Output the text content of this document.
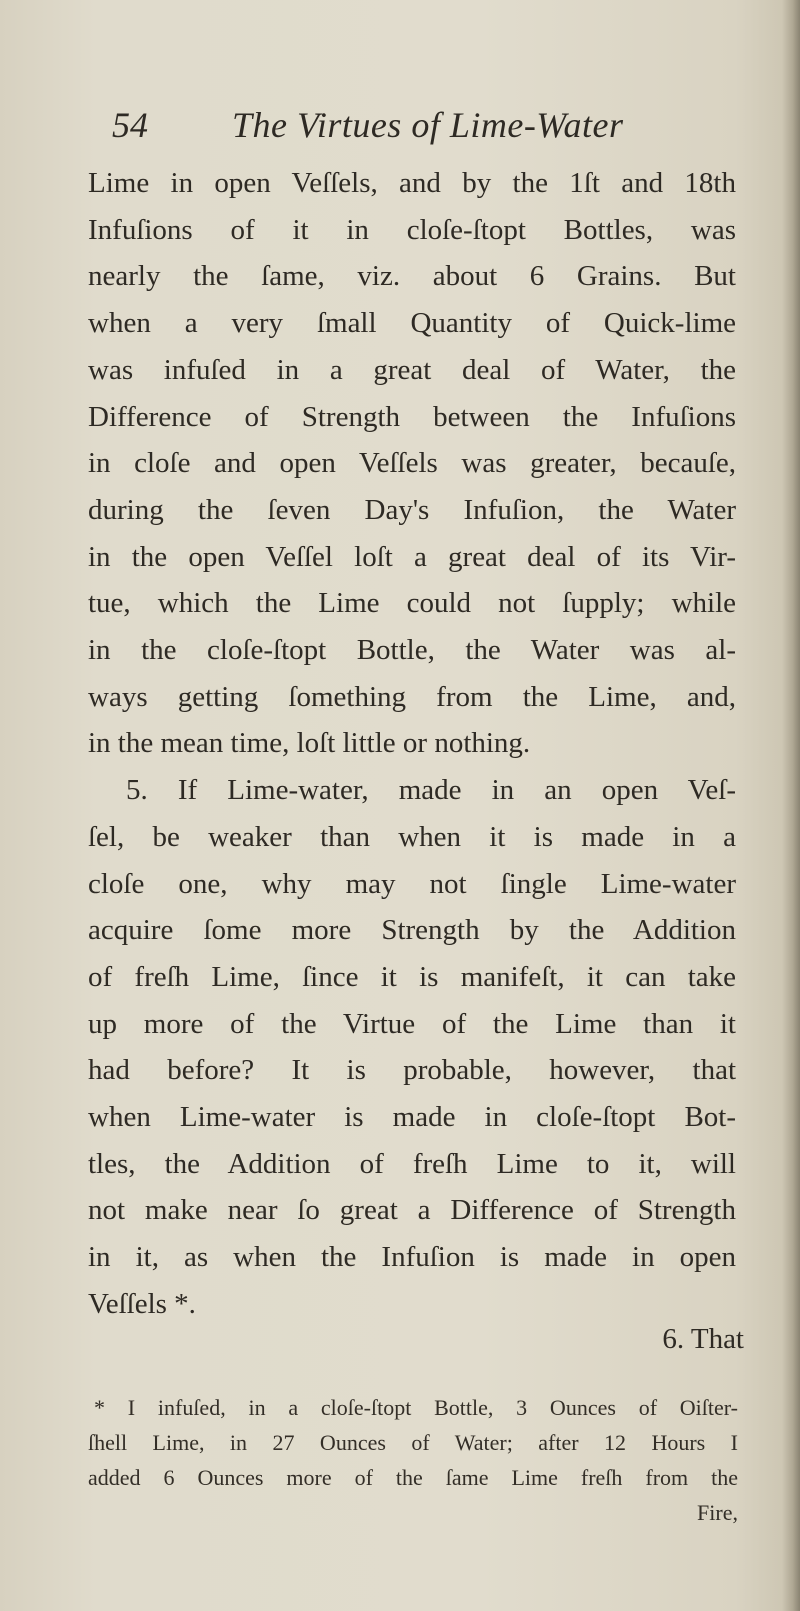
54 The Virtues of Lime-Water
Lime in open Veſſels, and by the 1ſt and 18th
Infuſions of it in cloſe-ſtopt Bottles, was
nearly the ſame, viz. about 6 Grains. But
when a very ſmall Quantity of Quick-lime
was infuſed in a great deal of Water, the
Difference of Strength between the Infuſions
in cloſe and open Veſſels was greater, becauſe,
during the ſeven Day's Infuſion, the Water
in the open Veſſel loſt a great deal of its Vir-
tue, which the Lime could not ſupply; while
in the cloſe-ſtopt Bottle, the Water was al-
ways getting ſomething from the Lime, and,
in the mean time, loſt little or nothing.
5. If Lime-water, made in an open Veſ-
ſel, be weaker than when it is made in a
cloſe one, why may not ſingle Lime-water
acquire ſome more Strength by the Addition
of freſh Lime, ſince it is manifeſt, it can take
up more of the Virtue of the Lime than it
had before? It is probable, however, that
when Lime-water is made in cloſe-ſtopt Bot-
tles, the Addition of freſh Lime to it, will
not make near ſo great a Difference of Strength
in it, as when the Infuſion is made in open
Veſſels *.
6. That
* I infuſed, in a cloſe-ſtopt Bottle, 3 Ounces of Oiſter-
ſhell Lime, in 27 Ounces of Water; after 12 Hours I
added 6 Ounces more of the ſame Lime freſh from the
Fire,
